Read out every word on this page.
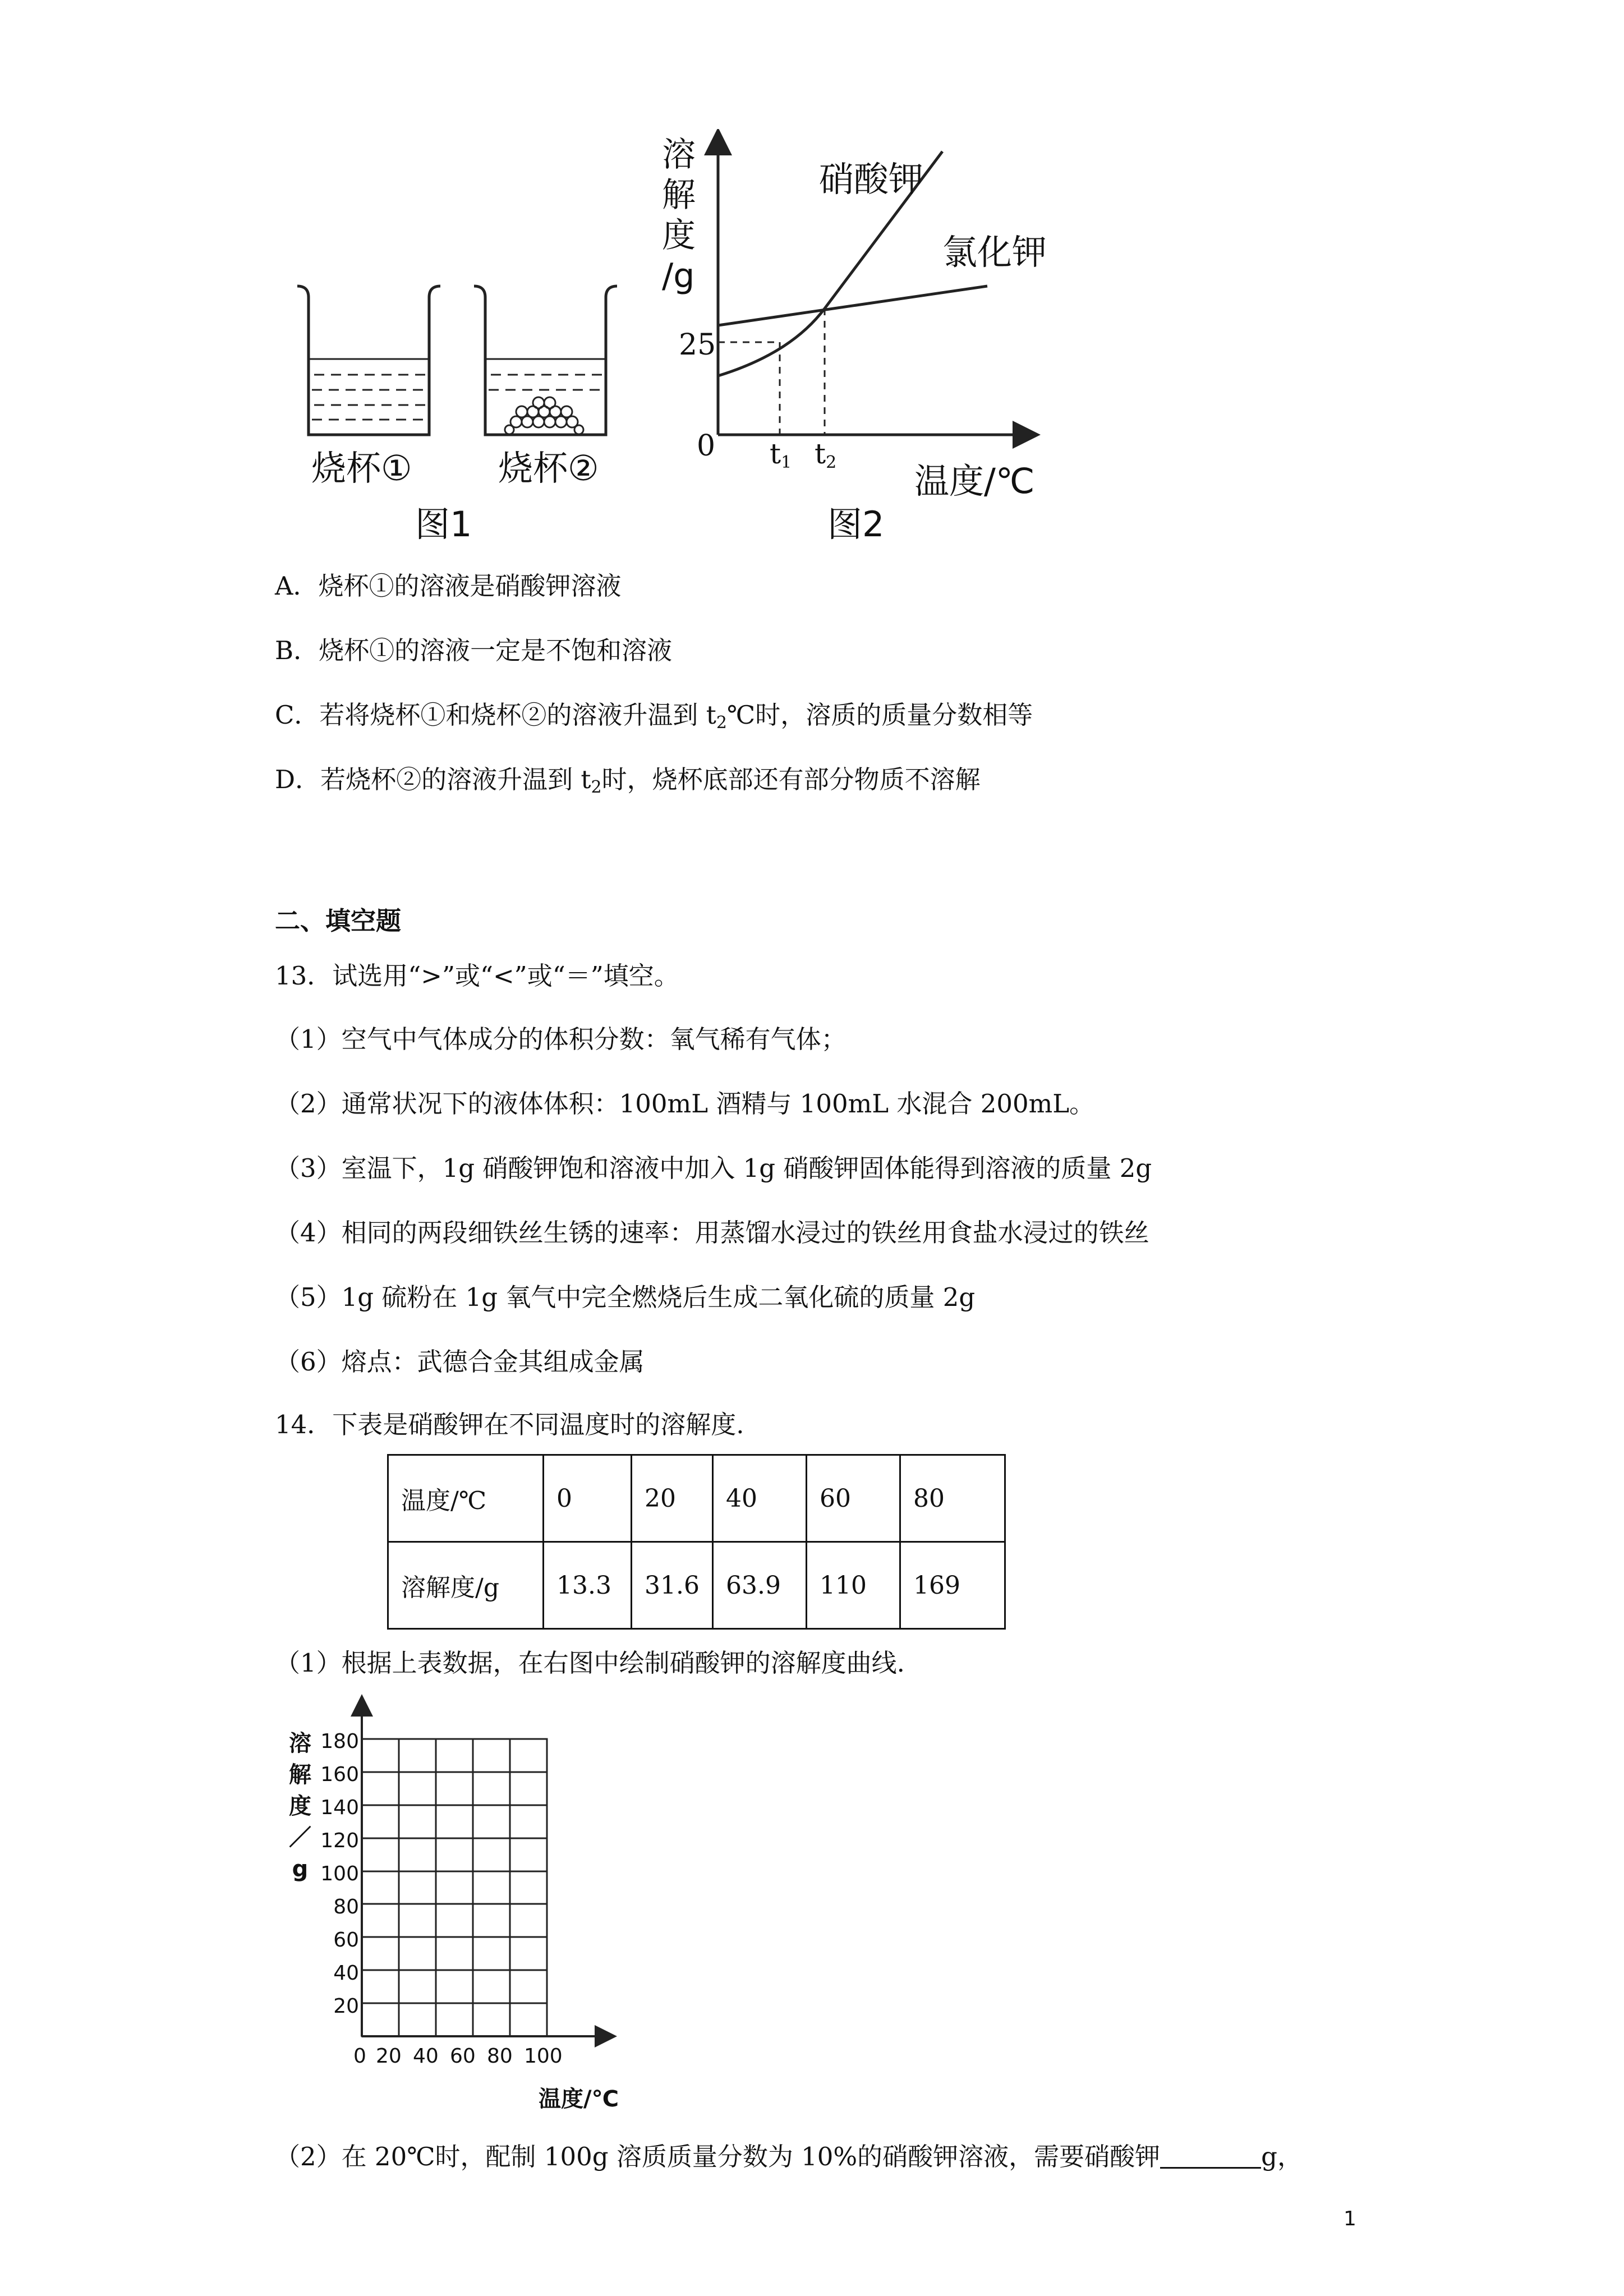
烧杯① 烧杯②
图1
溶
解
度
/g
25
0 $t_1$ $t_2$ 温度/℃
硝酸钾
氯化钾
图2
A．烧杯①的溶液是硝酸钾溶液
B．烧杯①的溶液一定是不饱和溶液
C．若将烧杯①和烧杯②的溶液升温到 $t_2℃$时，溶质的质量分数相等
D．若烧杯②的溶液升温到 $t_2$时，烧杯底部还有部分物质不溶解
二、填空题
13．试选用“>”或“<”或“＝”填空。
（1）空气中气体成分的体积分数：氧气稀有气体；
（2）通常状况下的液体体积：100mL 酒精与 100mL 水混合 200mL。
（3）室温下，1g 硝酸钾饱和溶液中加入 1g 硝酸钾固体能得到溶液的质量 2g
（4）相同的两段细铁丝生锈的速率：用蒸馏水浸过的铁丝用食盐水浸过的铁丝
（5）1g 硫粉在 1g 氧气中完全燃烧后生成二氧化硫的质量 2g
（6）熔点：武德合金其组成金属
14．下表是硝酸钾在不同温度时的溶解度.
温度/℃	0	20	40	60	80
溶解度/g	13.3	31.6	63.9	110	169
（1）根据上表数据，在右图中绘制硝酸钾的溶解度曲线.
溶
解
度
／
g
180
160
140
120
100
80
60
40
20
0 20 40 60 80 100
温度/℃
（2）在 20℃时，配制 100g 溶质质量分数为 10%的硝酸钾溶液，需要硝酸钾	g，
1
